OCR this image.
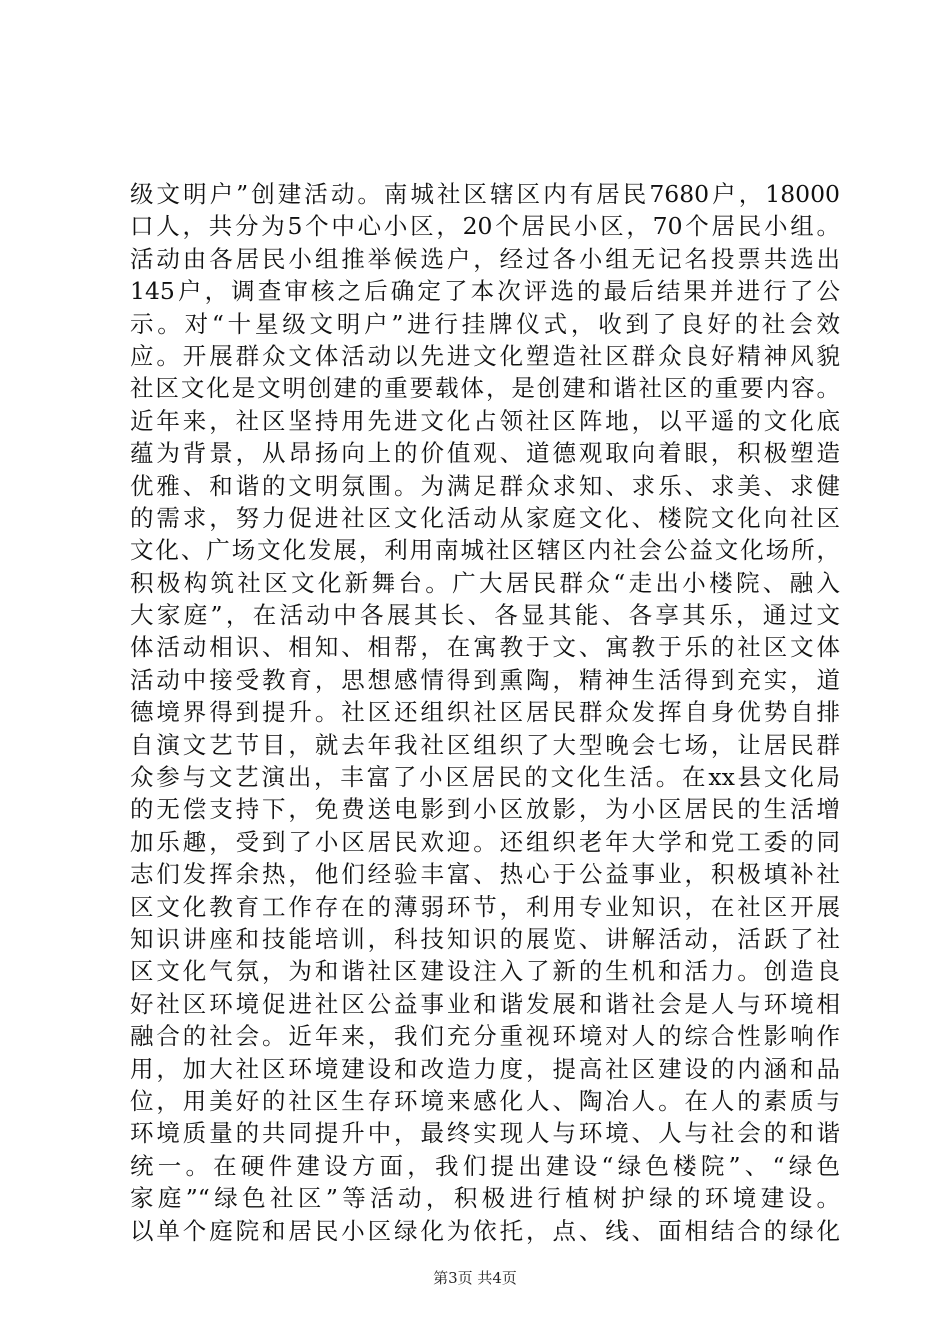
级文明户”创建活动。南城社区辖区内有居民7680户，18000
口人，共分为5个中心小区，20个居民小区，70个居民小组。
活动由各居民小组推举候选户，经过各小组无记名投票共选出
145户，调查审核之后确定了本次评选的最后结果并进行了公
示。对“十星级文明户”进行挂牌仪式，收到了良好的社会效
应。开展群众文体活动以先进文化塑造社区群众良好精神风貌
社区文化是文明创建的重要载体，是创建和谐社区的重要内容。
近年来，社区坚持用先进文化占领社区阵地，以平遥的文化底
蕴为背景，从昂扬向上的价值观、道德观取向着眼，积极塑造
优雅、和谐的文明氛围。为满足群众求知、求乐、求美、求健
的需求，努力促进社区文化活动从家庭文化、楼院文化向社区
文化、广场文化发展，利用南城社区辖区内社会公益文化场所，
积极构筑社区文化新舞台。广大居民群众“走出小楼院、融入
大家庭”，在活动中各展其长、各显其能、各享其乐，通过文
体活动相识、相知、相帮，在寓教于文、寓教于乐的社区文体
活动中接受教育，思想感情得到熏陶，精神生活得到充实，道
德境界得到提升。社区还组织社区居民群众发挥自身优势自排
自演文艺节目，就去年我社区组织了大型晚会七场，让居民群
众参与文艺演出，丰富了小区居民的文化生活。在xx县文化局
的无偿支持下，免费送电影到小区放影，为小区居民的生活增
加乐趣，受到了小区居民欢迎。还组织老年大学和党工委的同
志们发挥余热，他们经验丰富、热心于公益事业，积极填补社
区文化教育工作存在的薄弱环节，利用专业知识，在社区开展
知识讲座和技能培训，科技知识的展览、讲解活动，活跃了社
区文化气氛，为和谐社区建设注入了新的生机和活力。创造良
好社区环境促进社区公益事业和谐发展和谐社会是人与环境相
融合的社会。近年来，我们充分重视环境对人的综合性影响作
用，加大社区环境建设和改造力度，提高社区建设的内涵和品
位，用美好的社区生存环境来感化人、陶冶人。在人的素质与
环境质量的共同提升中，最终实现人与环境、人与社会的和谐
统一。在硬件建设方面，我们提出建设“绿色楼院”、“绿色
家庭”“绿色社区”等活动，积极进行植树护绿的环境建设。
以单个庭院和居民小区绿化为依托，点、线、面相结合的绿化
第3页 共4页
